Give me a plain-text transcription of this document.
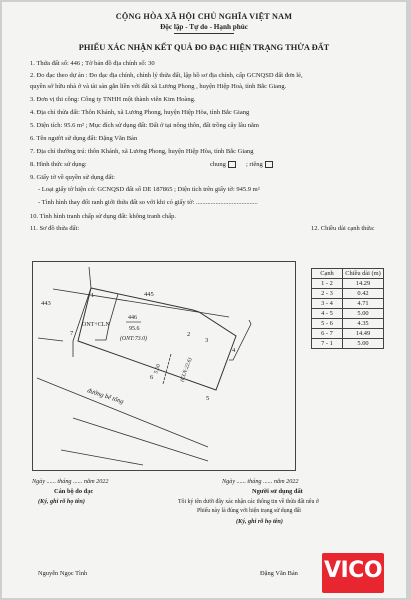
CỘNG HÒA XÃ HỘI CHỦ NGHĨA VIỆT NAM
Độc lập - Tự do - Hạnh phúc
PHIẾU XÁC NHẬN KẾT QUẢ ĐO ĐẠC HIỆN TRẠNG THỬA ĐẤT
1. Thửa đất số: 446 ; Tờ bản đồ địa chính số: 30
2. Đo đạc theo dự án : Đo đạc địa chính, chỉnh lý thửa đất, lập hồ sơ địa chính, cấp GCNQSD đất đơn lẻ,
quyền sở hữu nhà ở và tài sản gắn liền với đất xã Lương Phong , huyện Hiệp Hoà, tỉnh Bắc Giang.
3. Đơn vị thi công: Công ty TNHH một thành viên Kim Hoàng.
4. Địa chỉ thửa đất: Thôn Khánh, xã Lương Phong, huyện Hiệp Hòa, tỉnh Bắc Giang
5. Diện tích: 95.6 m² ; Mục đích sử dụng đất: Đất ở tại nông thôn, đất trồng cây lâu năm
6. Tên người sử dụng đất: Đặng Văn Bản
7. Địa chỉ thường trú: thôn Khánh, xã Lương Phong, huyện Hiệp Hòa, tỉnh Bắc Giang
8. Hình thức sử dụng:	chung	; riêng
9. Giấy tờ về quyền sử dụng đất:
- Loại giấy tờ hiện có: GCNQSD đất số DE 187865 ; Diện tích trên giấy tờ: 945.9 m²
- Tình hình thay đổi ranh giới thửa đất so với khi có giấy tờ: ......................................
10. Tình hình tranh chấp sử dụng đất: không tranh chấp.
11. Sơ đồ thửa đất:	12. Chiều dài cạnh thửa:
443
445
ONT+CLN
446
95.6
(ONT:73.0)
đường bê tông
5.00	(CLN:22.6)
1
2
3
4
5
6
7
Cạnh	Chiều dài (m)
1 - 2	14.29
2 - 3	0.42
3 - 4	4.71
4 - 5	5.00
5 - 6	4.35
6 - 7	14.49
7 - 1	5.00
Ngày ...... tháng ...... năm 2022
Cán bộ đo đạc
(Ký, ghi rõ họ tên)
Nguyễn Ngọc Tình
Ngày ...... tháng ...... năm 2022
Người sử dụng đất
Tôi ký tên dưới đây xác nhận các thông tin về thửa đất nêu ở
Phiếu này là đúng với hiện trạng sử dụng đất
(Ký, ghi rõ họ tên)
Đặng Văn Bản VICO
